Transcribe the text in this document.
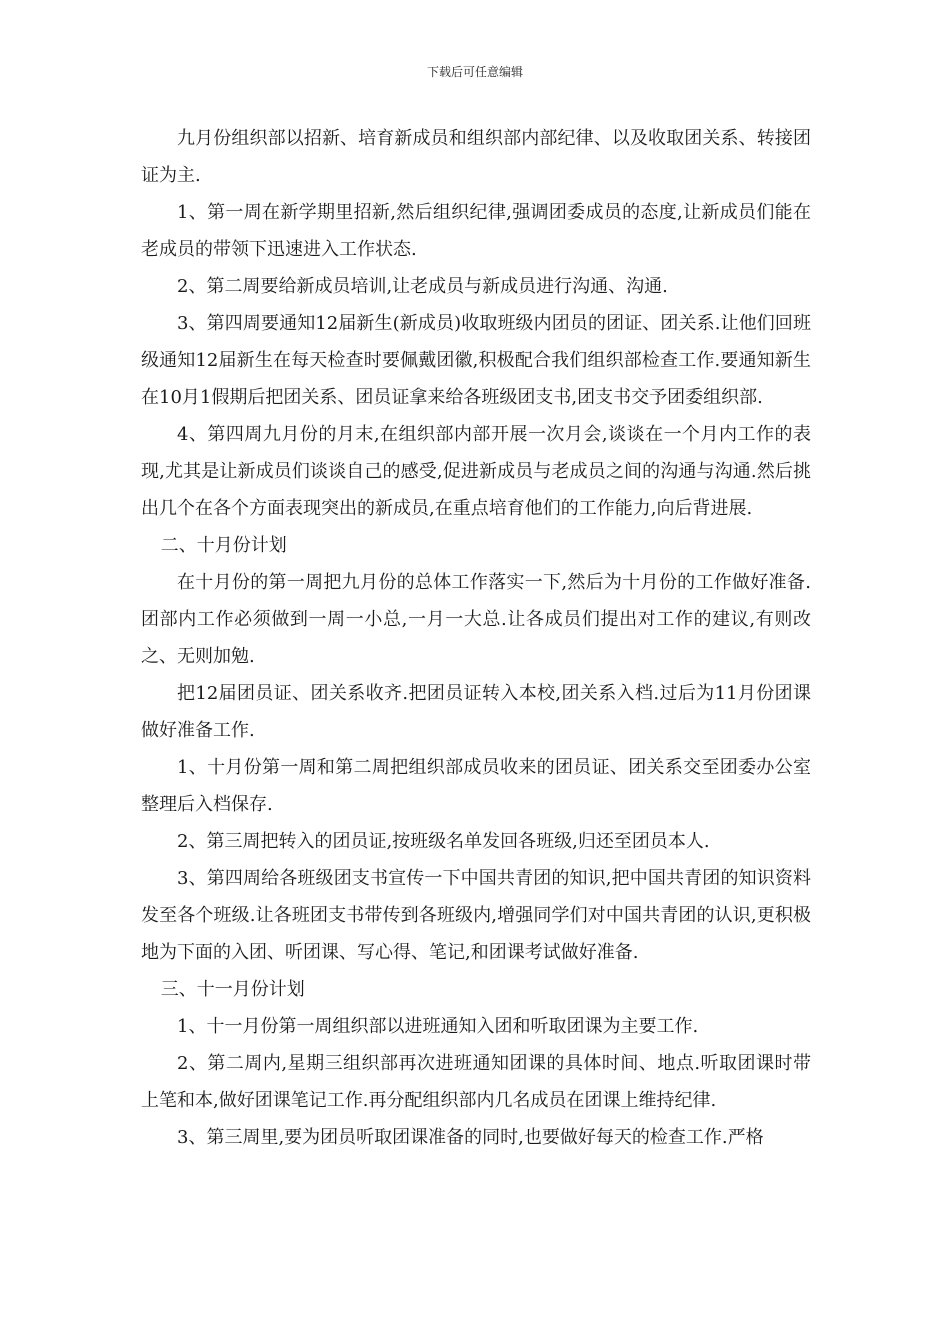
下载后可任意编辑

九月份组织部以招新、培育新成员和组织部内部纪律、以及收取团关系、转接团证为主.

1、第一周在新学期里招新,然后组织纪律,强调团委成员的态度,让新成员们能在老成员的带领下迅速进入工作状态.

2、第二周要给新成员培训,让老成员与新成员进行沟通、沟通.

3、第四周要通知12届新生(新成员)收取班级内团员的团证、团关系.让他们回班级通知12届新生在每天检查时要佩戴团徽,积极配合我们组织部检查工作.要通知新生在10月1假期后把团关系、团员证拿来给各班级团支书,团支书交予团委组织部.

4、第四周九月份的月末,在组织部内部开展一次月会,谈谈在一个月内工作的表现,尤其是让新成员们谈谈自己的感受,促进新成员与老成员之间的沟通与沟通.然后挑出几个在各个方面表现突出的新成员,在重点培育他们的工作能力,向后背进展.

二、十月份计划

在十月份的第一周把九月份的总体工作落实一下,然后为十月份的工作做好准备.团部内工作必须做到一周一小总,一月一大总.让各成员们提出对工作的建议,有则改之、无则加勉.

把12届团员证、团关系收齐.把团员证转入本校,团关系入档.过后为11月份团课做好准备工作.

1、十月份第一周和第二周把组织部成员收来的团员证、团关系交至团委办公室整理后入档保存.

2、第三周把转入的团员证,按班级名单发回各班级,归还至团员本人.

3、第四周给各班级团支书宣传一下中国共青团的知识,把中国共青团的知识资料发至各个班级.让各班团支书带传到各班级内,增强同学们对中国共青团的认识,更积极地为下面的入团、听团课、写心得、笔记,和团课考试做好准备.

三、十一月份计划

1、十一月份第一周组织部以进班通知入团和听取团课为主要工作.

2、第二周内,星期三组织部再次进班通知团课的具体时间、地点.听取团课时带上笔和本,做好团课笔记工作.再分配组织部内几名成员在团课上维持纪律.

3、第三周里,要为团员听取团课准备的同时,也要做好每天的检查工作.严格
